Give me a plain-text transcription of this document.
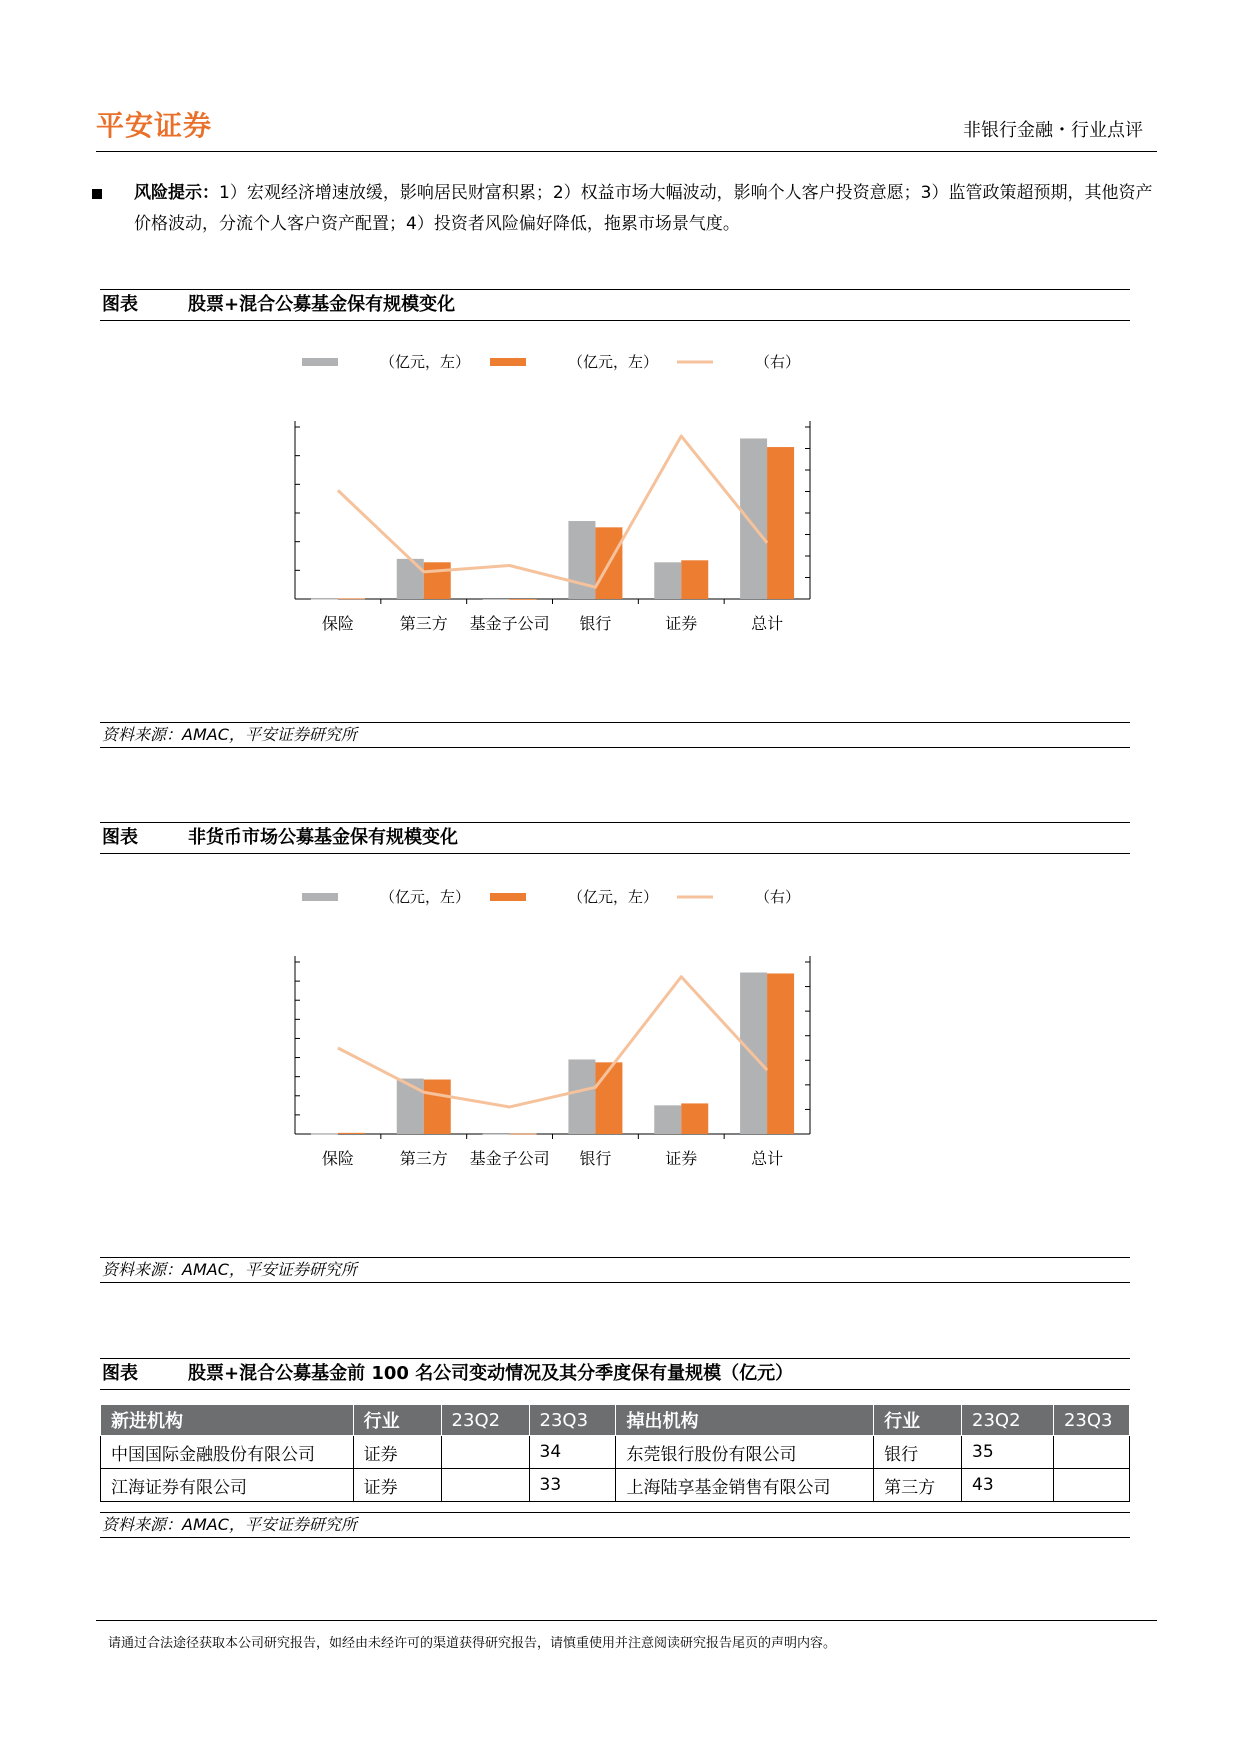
平安证券	非银行金融・行业点评
风险提示：1）宏观经济增速放缓，影响居民财富积累；2）权益市场大幅波动，影响个人客户投资意愿；3）监管政策超预期，其他资产价格波动，分流个人客户资产配置；4）投资者风险偏好降低，拖累市场景气度。
图表	股票+混合公募基金保有规模变化
（亿元，左）	（亿元，左）	（右）
保险	第三方 基金子公司 银行	证券	总计
资料来源：AMAC，平安证券研究所
图表	非货币市场公募基金保有规模变化
（亿元，左）	（亿元，左）	（右）
保险	第三方 基金子公司 银行	证券	总计
资料来源：AMAC，平安证券研究所
图表	股票+混合公募基金前 100 名公司变动情况及其分季度保有量规模（亿元）
新进机构	行业	23Q2	23Q3	掉出机构	行业	23Q2	23Q3
中国国际金融股份有限公司	证券		34	东莞银行股份有限公司	银行	35	
江海证券有限公司	证券		33	上海陆享基金销售有限公司	第三方	43	
资料来源：AMAC，平安证券研究所
请通过合法途径获取本公司研究报告，如经由未经许可的渠道获得研究报告，请慎重使用并注意阅读研究报告尾页的声明内容。
